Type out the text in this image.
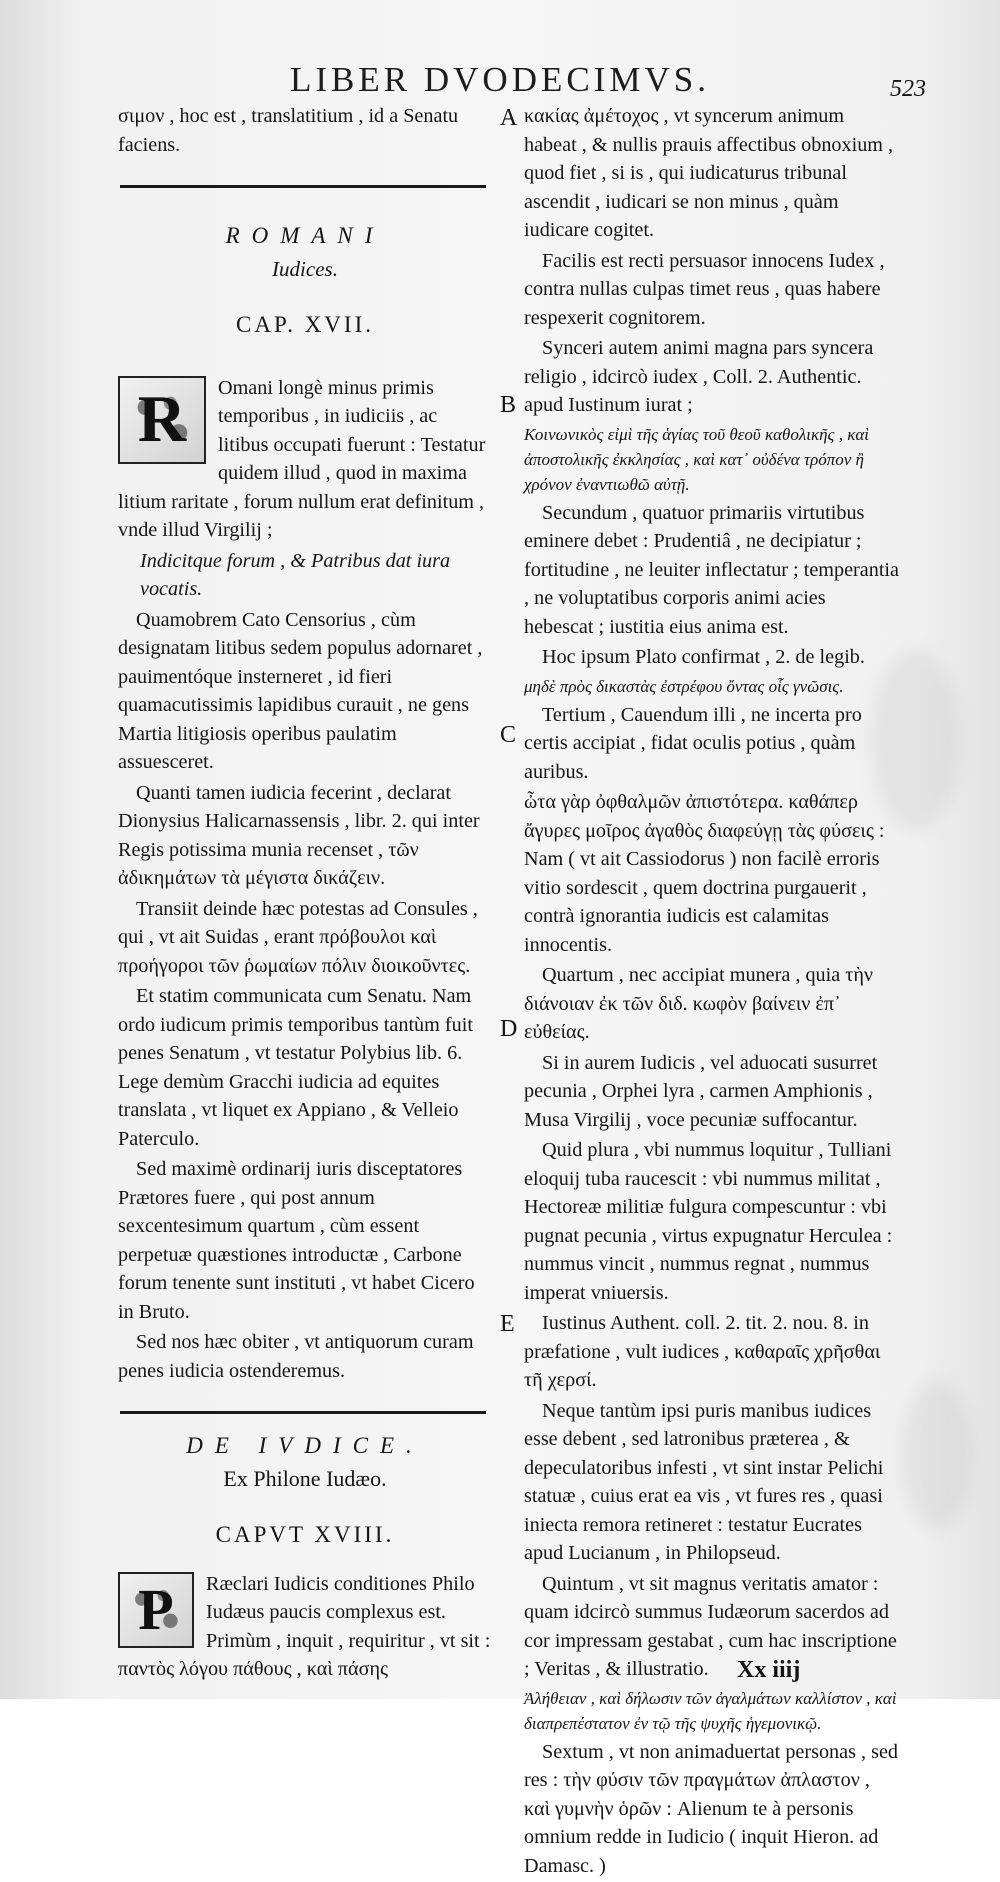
LIBER DVODECIMVS.	523
A
B
C
D
E

σιμον , hoc est , translatitium , id a Senatu faciens.

ROMANI
Iudices.
CAP. XVII.

R	Omani longè minus primis temporibus , in iudiciis , ac litibus occupati fuerunt : Testatur quidem illud , quod in maxima litium raritate , forum nullum erat definitum , vnde illud Virgilij ;

Indicitque forum , & Patribus dat iura vocatis.

Quamobrem Cato Censorius , cùm designatam litibus sedem populus adornaret , pauimentóque insterneret , id fieri quamacutissimis lapidibus curauit , ne gens Martia litigiosis operibus paulatim assuesceret.

Quanti tamen iudicia fecerint , declarat Dionysius Halicarnassensis , libr. 2. qui inter Regis potissima munia recenset , τῶν ἀδικημάτων τὰ μέγιστα δικάζειν.

Transiit deinde hæc potestas ad Consules , qui , vt ait Suidas , erant πρόβουλοι καὶ προήγοροι τῶν ῥωμαίων πόλιν διοικοῦντες.

Et statim communicata cum Senatu. Nam ordo iudicum primis temporibus tantùm fuit penes Senatum , vt testatur Polybius lib. 6. Lege demùm Gracchi iudicia ad equites translata , vt liquet ex Appiano , & Velleio Paterculo.

Sed maximè ordinarij iuris disceptatores Prætores fuere , qui post annum sexcentesimum quartum , cùm essent perpetuæ quæstiones introductæ , Carbone forum tenente sunt instituti , vt habet Cicero in Bruto.

Sed nos hæc obiter , vt antiquorum curam penes iudicia ostenderemus.

DE IVDICE.
Ex Philone Iudæo.
CAPVT XVIII.

P	Ræclari Iudicis conditiones Philo Iudæus paucis complexus est. Primùm , inquit , requiritur , vt sit : παντὸς λόγου πάθους , καὶ πάσης

κακίας ἀμέτοχος , vt syncerum animum habeat , & nullis prauis affectibus obnoxium , quod fiet , si is , qui iudicaturus tribunal ascendit , iudicari se non minus , quàm iudicare cogitet.

Facilis est recti persuasor innocens Iudex , contra nullas culpas timet reus , quas habere respexerit cognitorem.

Synceri autem animi magna pars syncera religio , idcircò iudex , Coll. 2. Authentic. apud Iustinum iurat ;

Κοινωνικὸς εἰμὶ τῆς ἁγίας τοῦ θεοῦ καθολικῆς , καὶ ἀποστολικῆς ἐκκλησίας , καὶ κατ᾽ οὐδένα τρόπον ἢ χρόνον ἐναντιωθῶ αὐτῇ.

Secundum , quatuor primariis virtutibus eminere debet : Prudentiâ , ne decipiatur ; fortitudine , ne leuiter inflectatur ; temperantia , ne voluptatibus corporis animi acies hebescat ; iustitia eius anima est.

Hoc ipsum Plato confirmat , 2. de legib.

μηδὲ πρὸς δικαστὰς ἐστρέφου ὄντας οἷς γνῶσις.

Tertium , Cauendum illi , ne incerta pro certis accipiat , fidat oculis potius , quàm auribus.

ὦτα γὰρ ὀφθαλμῶν ἀπιστότερα. καθάπερ ἄγυρες μοῖρος ἀγαθὸς διαφεύγῃ τὰς φύσεις : Nam ( vt ait Cassiodorus ) non facilè erroris vitio sordescit , quem doctrina purgauerit , contrà ignorantia iudicis est calamitas innocentis.

Quartum , nec accipiat munera , quia τὴν διάνοιαν ἐκ τῶν διδ. κωφὸν βαίνειν ἐπ᾽ εὐθείας.

Si in aurem Iudicis , vel aduocati susurret pecunia , Orphei lyra , carmen Amphionis , Musa Virgilij , voce pecuniæ suffocantur.

Quid plura , vbi nummus loquitur , Tulliani eloquij tuba raucescit : vbi nummus militat , Hectoreæ militiæ fulgura compescuntur : vbi pugnat pecunia , virtus expugnatur Herculea : nummus vincit , nummus regnat , nummus imperat vniuersis.

Iustinus Authent. coll. 2. tit. 2. nou. 8. in præfatione , vult iudices , καθαραῖς χρῆσθαι τῆ χερσί.

Neque tantùm ipsi puris manibus iudices esse debent , sed latronibus præterea , & depeculatoribus infesti , vt sint instar Pelichi statuæ , cuius erat ea vis , vt fures res , quasi iniecta remora retineret : testatur Eucrates apud Lucianum , in Philopseud.

Quintum , vt sit magnus veritatis amator : quam idcircò summus Iudæorum sacerdos ad cor impressam gestabat , cum hac inscriptione ; Veritas , & illustratio.

Ἀλήθειαν , καὶ δήλωσιν τῶν ἀγαλμάτων καλλίστον , καὶ διαπρεπέστατον ἐν τῷ τῆς ψυχῆς ἡγεμονικῷ.

Sextum , vt non animaduertat personas , sed res : τὴν φύσιν τῶν πραγμάτων ἀπλαστον , καὶ γυμνὴν ὁρῶν : Alienum te à personis omnium redde in Iudicio ( inquit Hieron. ad Damasc. )

Xx iiij
